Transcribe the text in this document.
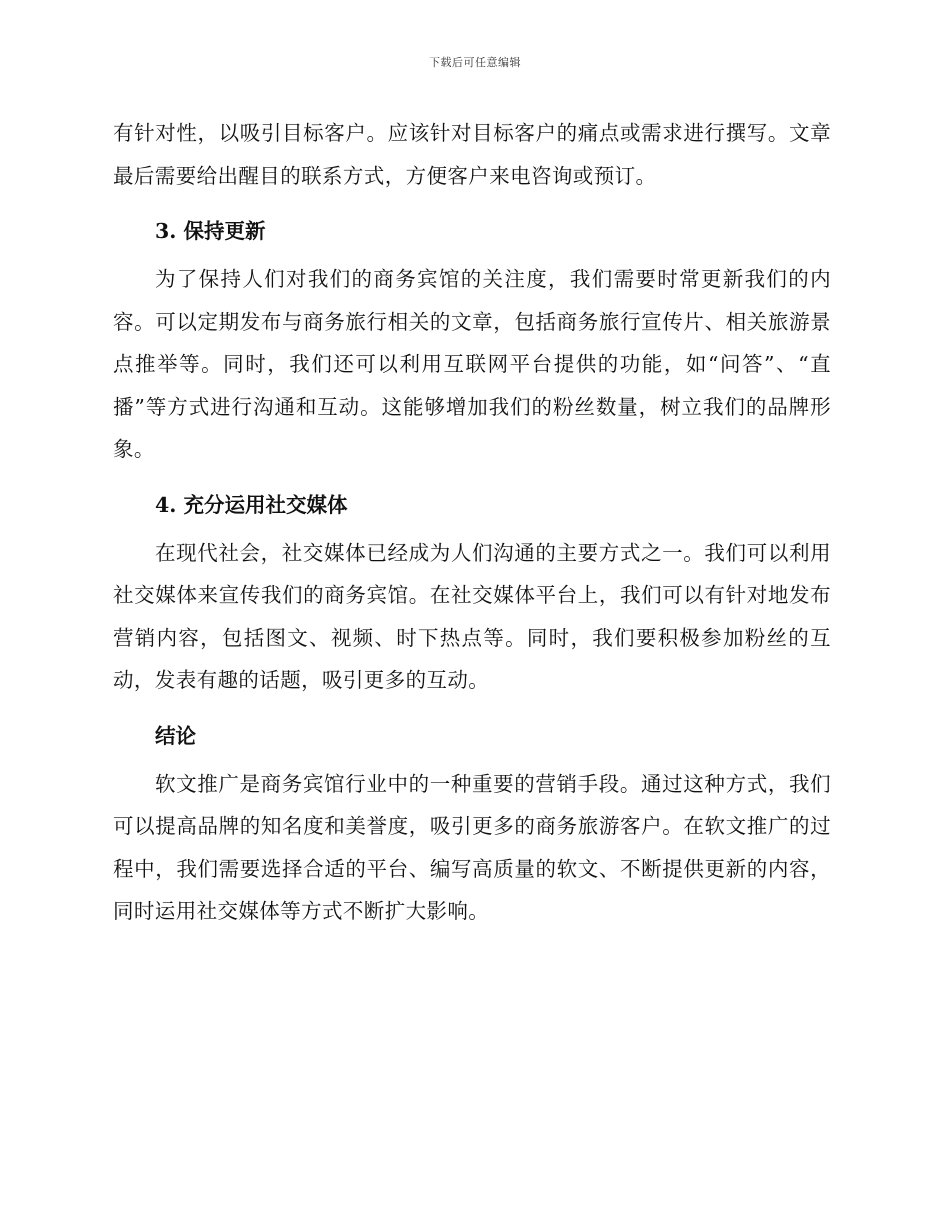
下载后可任意编辑

有针对性，以吸引目标客户。应该针对目标客户的痛点或需求进行撰写。文章最后需要给出醒目的联系方式，方便客户来电咨询或预订。

3. 保持更新

为了保持人们对我们的商务宾馆的关注度，我们需要时常更新我们的内容。可以定期发布与商务旅行相关的文章，包括商务旅行宣传片、相关旅游景点推举等。同时，我们还可以利用互联网平台提供的功能，如“问答”、“直播”等方式进行沟通和互动。这能够增加我们的粉丝数量，树立我们的品牌形象。

4. 充分运用社交媒体

在现代社会，社交媒体已经成为人们沟通的主要方式之一。我们可以利用社交媒体来宣传我们的商务宾馆。在社交媒体平台上，我们可以有针对地发布营销内容，包括图文、视频、时下热点等。同时，我们要积极参加粉丝的互动，发表有趣的话题，吸引更多的互动。

结论

软文推广是商务宾馆行业中的一种重要的营销手段。通过这种方式，我们可以提高品牌的知名度和美誉度，吸引更多的商务旅游客户。在软文推广的过程中，我们需要选择合适的平台、编写高质量的软文、不断提供更新的内容，同时运用社交媒体等方式不断扩大影响。
